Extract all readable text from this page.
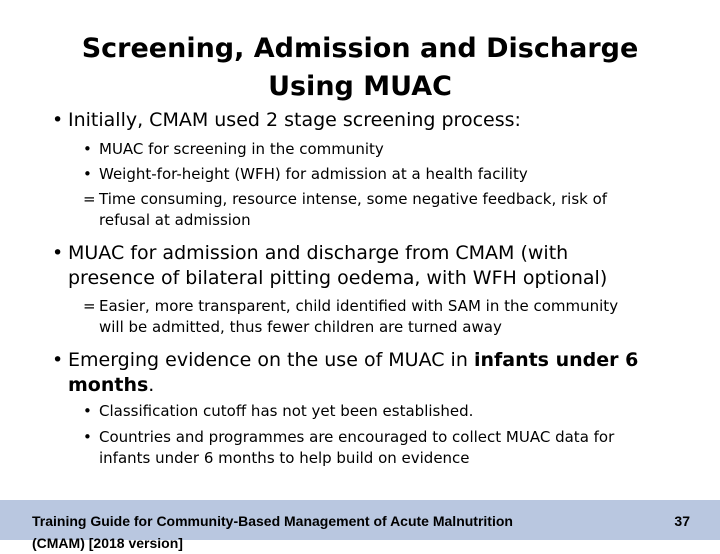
Screening, Admission and Discharge
Using MUAC
• Initially, CMAM used 2 stage screening process:
• MUAC for screening in the community
• Weight-for-height (WFH) for admission at a health facility
= Time consuming, resource intense, some negative feedback, risk of
refusal at admission
• MUAC for admission and discharge from CMAM (with
presence of bilateral pitting oedema, with WFH optional)
= Easier, more transparent, child identified with SAM in the community
will be admitted, thus fewer children are turned away
• Emerging evidence on the use of MUAC in infants under 6
months.
• Classification cutoff has not yet been established.
• Countries and programmes are encouraged to collect MUAC data for
infants under 6 months to help build on evidence
Training Guide for Community-Based Management of Acute Malnutrition
(CMAM) [2018 version]
37
